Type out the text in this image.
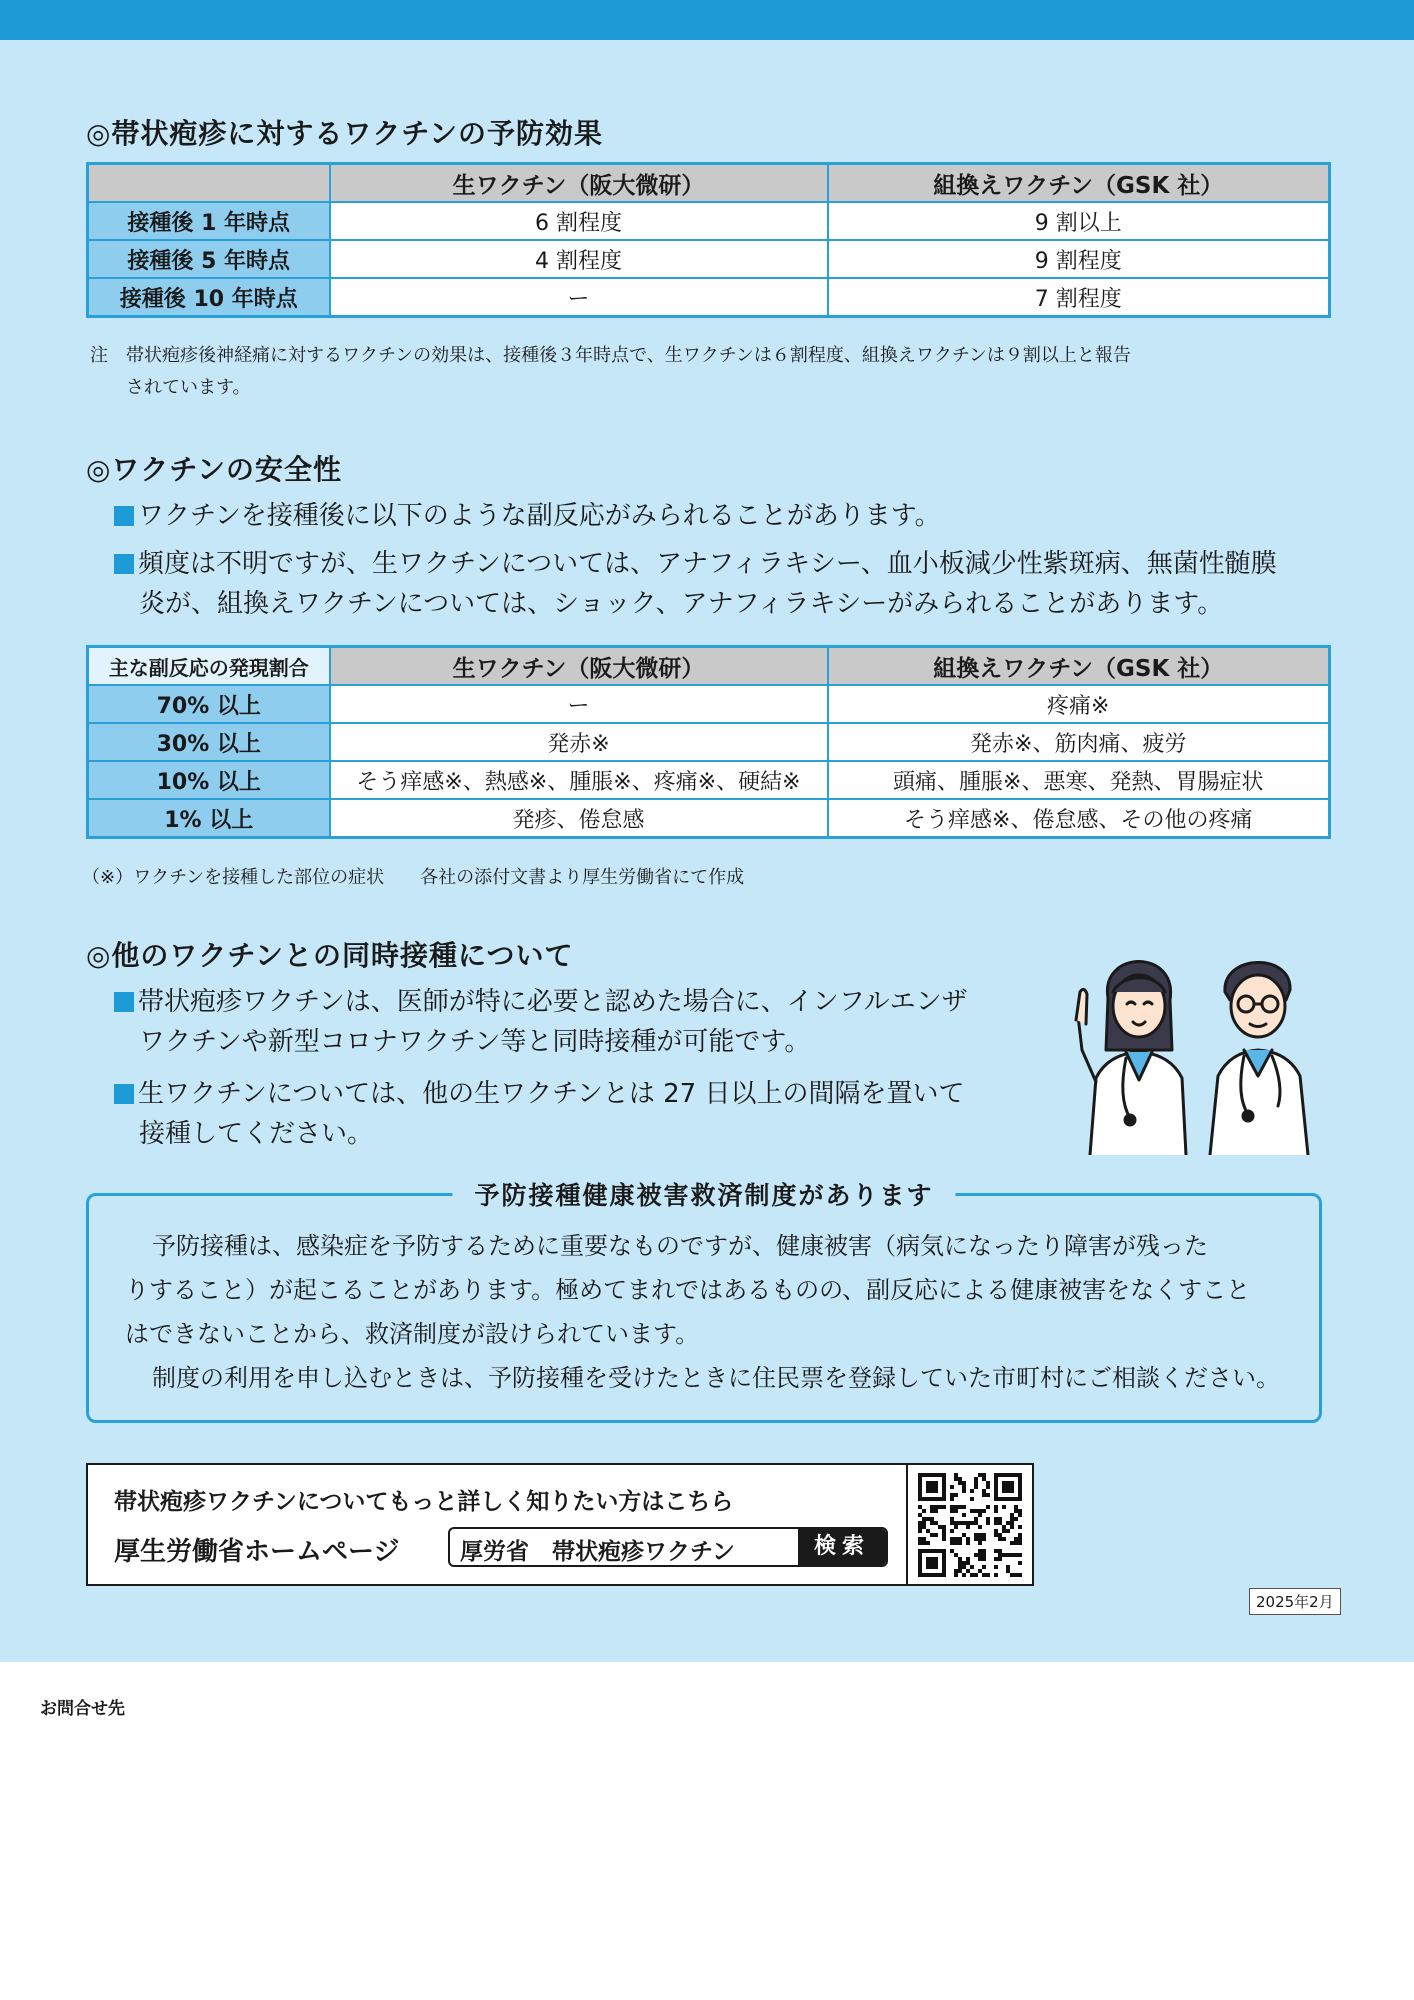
◎帯状疱疹に対するワクチンの予防効果
	生ワクチン（阪大微研）	組換えワクチン（GSK 社）
接種後 1 年時点	6 割程度	9 割以上
接種後 5 年時点	4 割程度	9 割程度
接種後 10 年時点	ー	7 割程度

注 帯状疱疹後神経痛に対するワクチンの効果は、接種後３年時点で、生ワクチンは６割程度、組換えワクチンは９割以上と報告
されています。

◎ワクチンの安全性

ワクチンを接種後に以下のような副反応がみられることがあります。

頻度は不明ですが、生ワクチンについては、アナフィラキシー、血小板減少性紫斑病、無菌性髄膜
炎が、組換えワクチンについては、ショック、アナフィラキシーがみられることがあります。

主な副反応の発現割合	生ワクチン（阪大微研）	組換えワクチン（GSK 社）
70% 以上	ー	疼痛※
30% 以上	発赤※	発赤※、筋肉痛、疲労
10% 以上	そう痒感※、熱感※、腫脹※、疼痛※、硬結※	頭痛、腫脹※、悪寒、発熱、胃腸症状
1% 以上	発疹、倦怠感	そう痒感※、倦怠感、その他の疼痛

（※）ワクチンを接種した部位の症状　　各社の添付文書より厚生労働省にて作成

◎他のワクチンとの同時接種について

帯状疱疹ワクチンは、医師が特に必要と認めた場合に、インフルエンザ
ワクチンや新型コロナワクチン等と同時接種が可能です。

生ワクチンについては、他の生ワクチンとは 27 日以上の間隔を置いて
接種してください。

予防接種健康被害救済制度があります

予防接種は、感染症を予防するために重要なものですが、健康被害（病気になったり障害が残った

りすること）が起こることがあります。極めてまれではあるものの、副反応による健康被害をなくすこと

はできないことから、救済制度が設けられています。

制度の利用を申し込むときは、予防接種を受けたときに住民票を登録していた市町村にご相談ください。

帯状疱疹ワクチンについてもっと詳しく知りたい方はこちら
厚生労働省ホームページ	厚労省　帯状疱疹ワクチン	検索
2025年2月
お問合せ先
